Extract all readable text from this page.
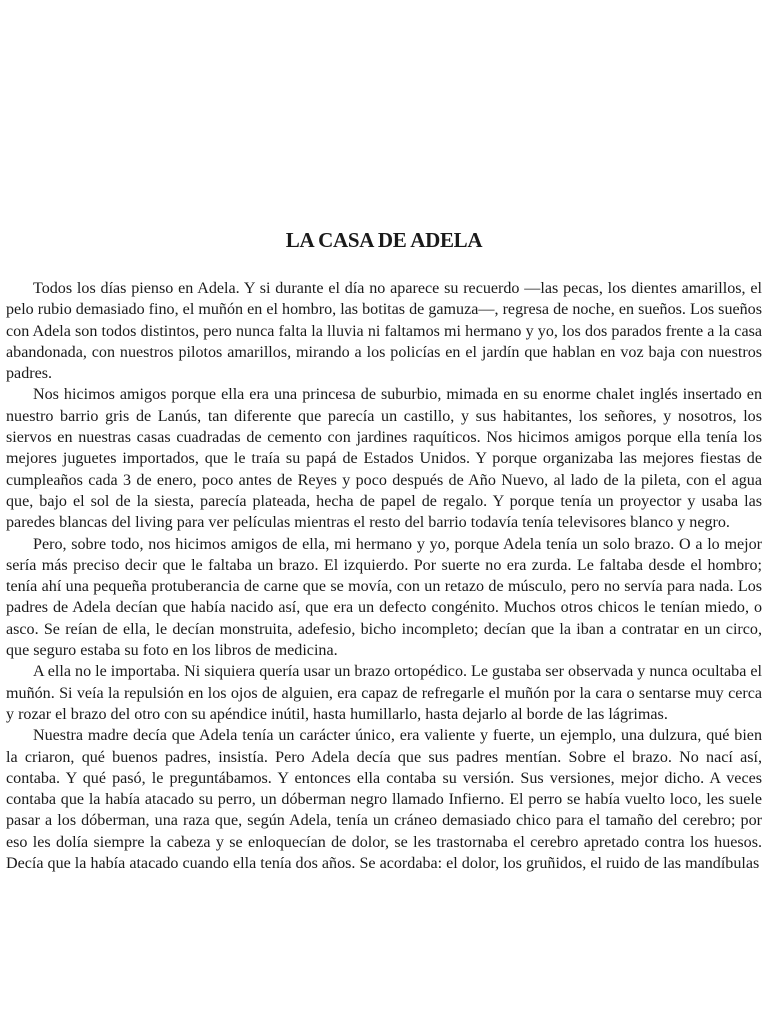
LA CASA DE ADELA

Todos los días pienso en Adela. Y si durante el día no aparece su recuerdo —las pecas, los dientes amarillos, el pelo rubio demasiado fino, el muñón en el hombro, las botitas de gamuza—, regresa de noche, en sueños. Los sueños con Adela son todos distintos, pero nunca falta la lluvia ni faltamos mi hermano y yo, los dos parados frente a la casa abandonada, con nuestros pilotos amarillos, mirando a los policías en el jardín que hablan en voz baja con nuestros padres.

Nos hicimos amigos porque ella era una princesa de suburbio, mimada en su enorme chalet inglés insertado en nuestro barrio gris de Lanús, tan diferente que parecía un castillo, y sus habitantes, los señores, y nosotros, los siervos en nuestras casas cuadradas de cemento con jardines raquíticos. Nos hicimos amigos porque ella tenía los mejores juguetes importados, que le traía su papá de Estados Unidos. Y porque organizaba las mejores fiestas de cumpleaños cada 3 de enero, poco antes de Reyes y poco después de Año Nuevo, al lado de la pileta, con el agua que, bajo el sol de la siesta, parecía plateada, hecha de papel de regalo. Y porque tenía un proyector y usaba las paredes blancas del living para ver películas mientras el resto del barrio todavía tenía televisores blanco y negro.

Pero, sobre todo, nos hicimos amigos de ella, mi hermano y yo, porque Adela tenía un solo brazo. O a lo mejor sería más preciso decir que le faltaba un brazo. El izquierdo. Por suerte no era zurda. Le faltaba desde el hombro; tenía ahí una pequeña protuberancia de carne que se movía, con un retazo de músculo, pero no servía para nada. Los padres de Adela decían que había nacido así, que era un defecto congénito. Muchos otros chicos le tenían miedo, o asco. Se reían de ella, le decían monstruita, adefesio, bicho incompleto; decían que la iban a contratar en un circo, que seguro estaba su foto en los libros de medicina.

A ella no le importaba. Ni siquiera quería usar un brazo ortopédico. Le gustaba ser observada y nunca ocultaba el muñón. Si veía la repulsión en los ojos de alguien, era capaz de refregarle el muñón por la cara o sentarse muy cerca y rozar el brazo del otro con su apéndice inútil, hasta humillarlo, hasta dejarlo al borde de las lágrimas.

Nuestra madre decía que Adela tenía un carácter único, era valiente y fuerte, un ejemplo, una dulzura, qué bien la criaron, qué buenos padres, insistía. Pero Adela decía que sus padres mentían. Sobre el brazo. No nací así, contaba. Y qué pasó, le preguntábamos. Y entonces ella contaba su versión. Sus versiones, mejor dicho. A veces contaba que la había atacado su perro, un dóberman negro llamado Infierno. El perro se había vuelto loco, les suele pasar a los dóberman, una raza que, según Adela, tenía un cráneo demasiado chico para el tamaño del cerebro; por eso les dolía siempre la cabeza y se enloquecían de dolor, se les trastornaba el cerebro apretado contra los huesos. Decía que la había atacado cuando ella tenía dos años. Se acordaba: el dolor, los gruñidos, el ruido de las mandíbulas
